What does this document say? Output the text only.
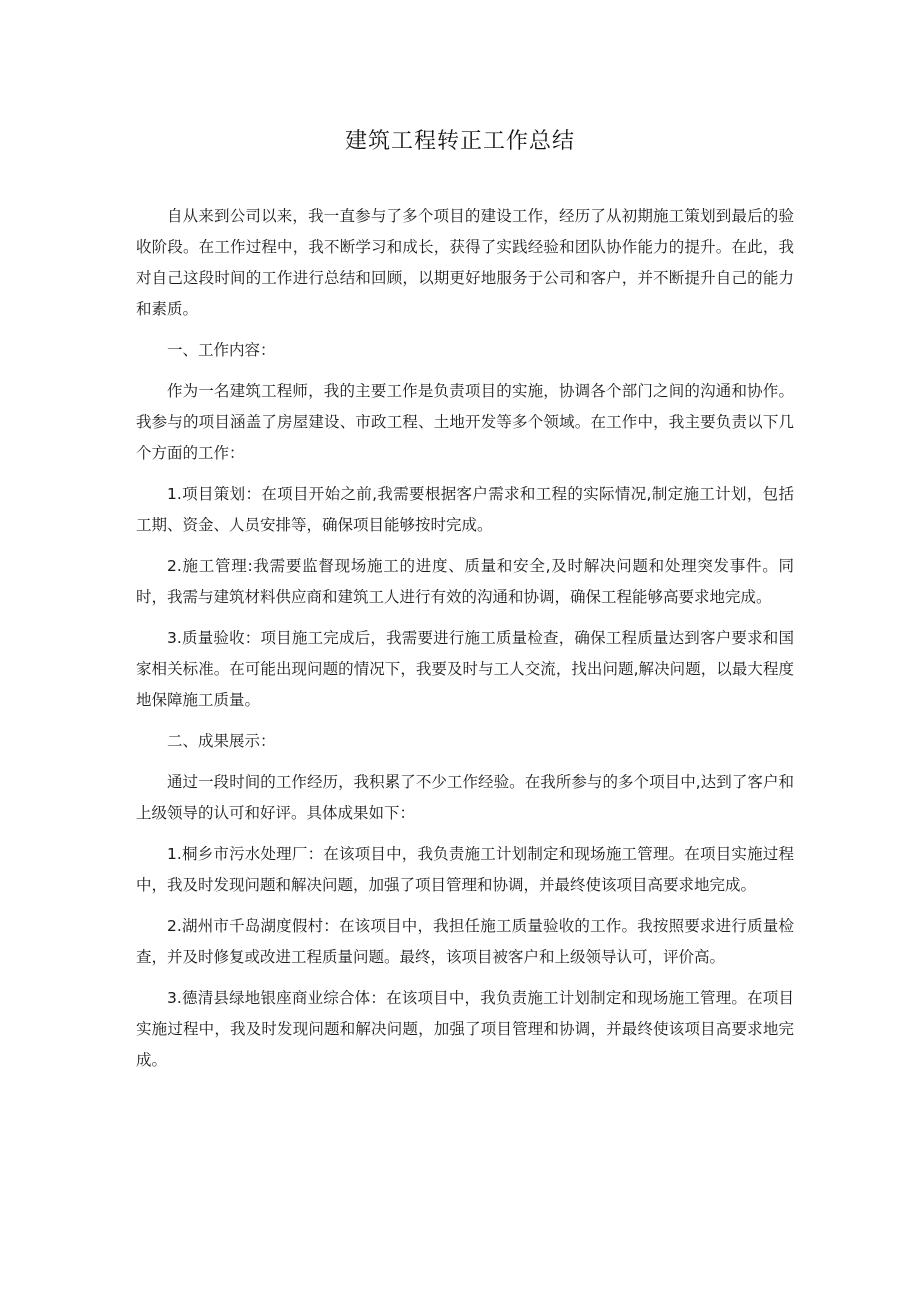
建筑工程转正工作总结

自从来到公司以来，我一直参与了多个项目的建设工作，经历了从初期施工策划到最后的验收阶段。在工作过程中，我不断学习和成长，获得了实践经验和团队协作能力的提升。在此，我对自己这段时间的工作进行总结和回顾，以期更好地服务于公司和客户，并不断提升自己的能力和素质。

一、工作内容：

作为一名建筑工程师，我的主要工作是负责项目的实施，协调各个部门之间的沟通和协作。我参与的项目涵盖了房屋建设、市政工程、土地开发等多个领域。在工作中，我主要负责以下几个方面的工作：

1.项目策划：在项目开始之前,我需要根据客户需求和工程的实际情况,制定施工计划，包括工期、资金、人员安排等，确保项目能够按时完成。

2.施工管理:我需要监督现场施工的进度、质量和安全,及时解决问题和处理突发事件。同时，我需与建筑材料供应商和建筑工人进行有效的沟通和协调，确保工程能够高要求地完成。

3.质量验收：项目施工完成后，我需要进行施工质量检查，确保工程质量达到客户要求和国家相关标准。在可能出现问题的情况下，我要及时与工人交流，找出问题,解决问题，以最大程度地保障施工质量。

二、成果展示：

通过一段时间的工作经历，我积累了不少工作经验。在我所参与的多个项目中,达到了客户和上级领导的认可和好评。具体成果如下：

1.桐乡市污水处理厂：在该项目中，我负责施工计划制定和现场施工管理。在项目实施过程中，我及时发现问题和解决问题，加强了项目管理和协调，并最终使该项目高要求地完成。

2.湖州市千岛湖度假村：在该项目中，我担任施工质量验收的工作。我按照要求进行质量检查，并及时修复或改进工程质量问题。最终，该项目被客户和上级领导认可，评价高。

3.德清县绿地银座商业综合体：在该项目中，我负责施工计划制定和现场施工管理。在项目实施过程中，我及时发现问题和解决问题，加强了项目管理和协调，并最终使该项目高要求地完成。
